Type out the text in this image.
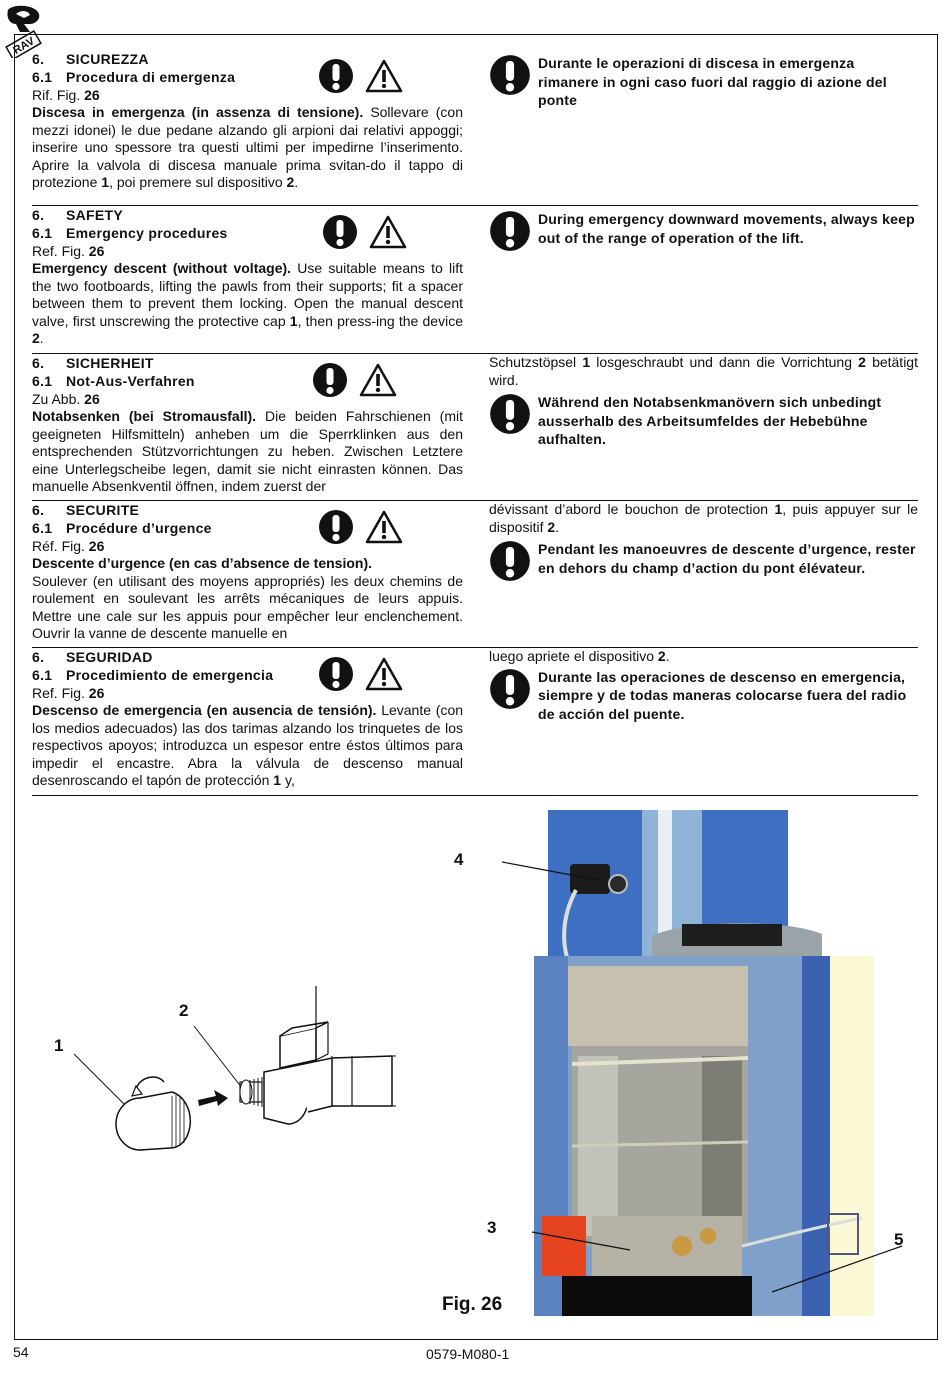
RAV
6. SICUREZZA
6.1 Procedura di emergenza
Rif. Fig. 26
Discesa in emergenza (in assenza di tensione). Sollevare (con mezzi idonei) le due pedane alzando gli arpioni dai relativi appoggi; inserire uno spessore tra questi ultimi per impedirne l’inserimento. Aprire la valvola di discesa manuale prima svitan-do il tappo di protezione 1, poi premere sul dispositivo 2.

Durante le operazioni di discesa in emergenza rimanere in ogni caso fuori dal raggio di azione del ponte
6. SAFETY
6.1 Emergency procedures
Ref. Fig. 26
Emergency descent (without voltage). Use suitable means to lift the two footboards, lifting the pawls from their supports; fit a spacer between them to prevent them locking. Open the manual descent valve, first unscrewing the protective cap 1, then press-ing the device 2.

During emergency downward movements, always keep out of the range of operation of the lift.
6. SICHERHEIT
6.1 Not-Aus-Verfahren
Zu Abb. 26
Notabsenken (bei Stromausfall). Die beiden Fahrschienen (mit geeigneten Hilfsmitteln) anheben um die Sperrklinken aus den entsprechenden Stützvorrichtungen zu heben. Zwischen Letztere eine Unterlegscheibe legen, damit sie nicht einrasten können. Das manuelle Absenkventil öffnen, indem zuerst der

Schutzstöpsel 1 losgeschraubt und dann die Vorrichtung 2 betätigt wird.
Während den Notabsenkmanövern sich unbedingt ausserhalb des Arbeitsumfeldes der Hebebühne aufhalten.
6. SECURITE
6.1 Procédure d’urgence
Réf. Fig. 26
Descente d’urgence (en cas d’absence de tension).
Soulever (en utilisant des moyens appropriés) les deux chemins de roulement en soulevant les arrêts mécaniques de leurs appuis. Mettre une cale sur les appuis pour empêcher leur enclenchement. Ouvrir la vanne de descente manuelle en

dévissant d’abord le bouchon de protection 1, puis appuyer sur le dispositif 2.
Pendant les manoeuvres de descente d’urgence, rester en dehors du champ d’action du pont élévateur.
6. SEGURIDAD
6.1 Procedimiento de emergencia
Ref. Fig. 26
Descenso de emergencia (en ausencia de tensión). Levante (con los medios adecuados) las dos tarimas alzando los trinquetes de los respectivos apoyos; introduzca un espesor entre éstos últimos para impedir el encastre. Abra la válvula de descenso manual desenroscando el tapón de protección 1 y,

luego apriete el dispositivo 2.
Durante las operaciones de descenso en emergencia, siempre y de todas maneras colocarse fuera del radio de acción del puente.
1
2
4
3
5
Fig. 26
54	0579-M080-1
